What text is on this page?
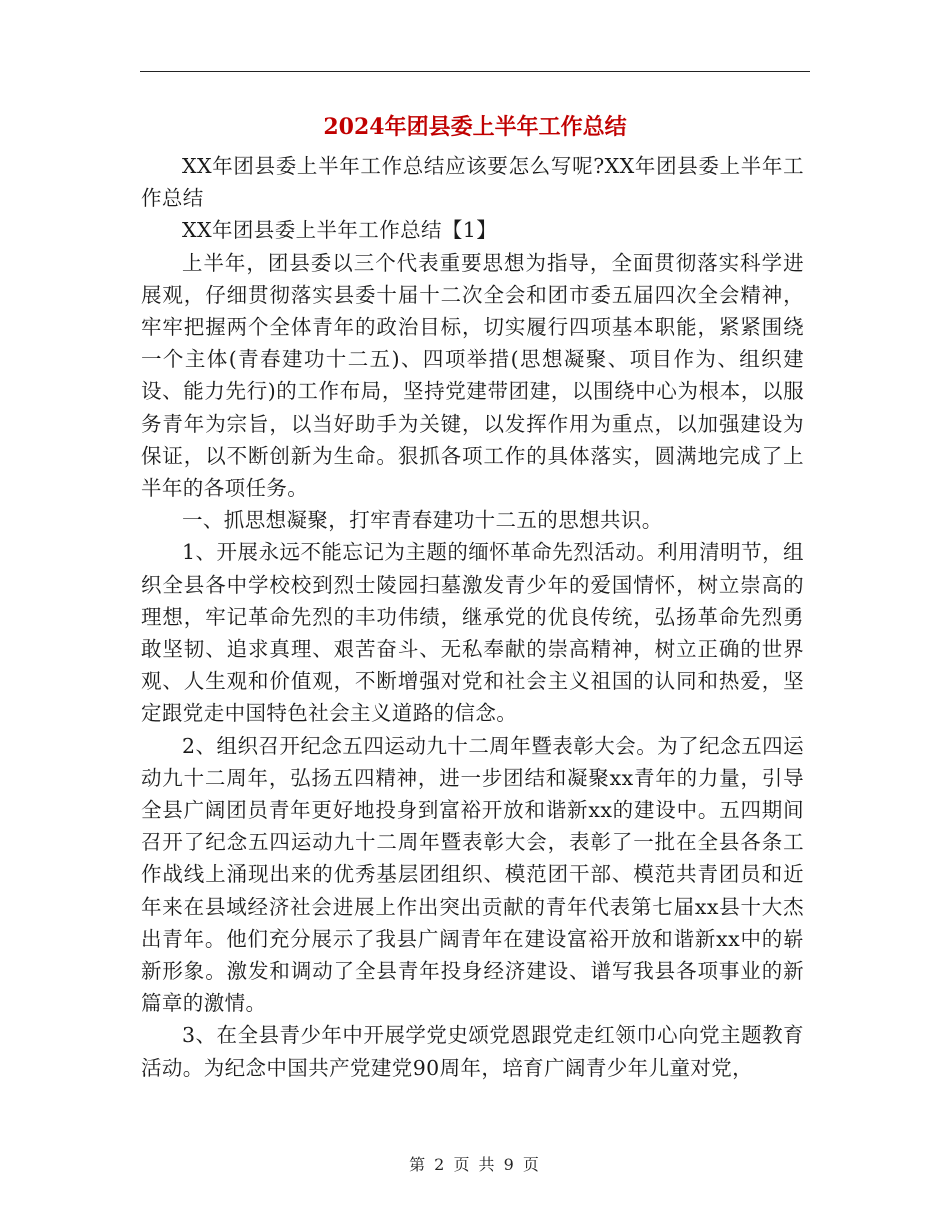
2024年团县委上半年工作总结

XX年团县委上半年工作总结应该要怎么写呢?XX年团县委上半年工作总结

XX年团县委上半年工作总结【1】

上半年，团县委以三个代表重要思想为指导，全面贯彻落实科学进展观，仔细贯彻落实县委十届十二次全会和团市委五届四次全会精神，牢牢把握两个全体青年的政治目标，切实履行四项基本职能，紧紧围绕一个主体(青春建功十二五)、四项举措(思想凝聚、项目作为、组织建设、能力先行)的工作布局，坚持党建带团建，以围绕中心为根本，以服务青年为宗旨，以当好助手为关键，以发挥作用为重点，以加强建设为保证，以不断创新为生命。狠抓各项工作的具体落实，圆满地完成了上半年的各项任务。

一、抓思想凝聚，打牢青春建功十二五的思想共识。

1、开展永远不能忘记为主题的缅怀革命先烈活动。利用清明节，组织全县各中学校校到烈士陵园扫墓激发青少年的爱国情怀，树立崇高的理想，牢记革命先烈的丰功伟绩，继承党的优良传统，弘扬革命先烈勇敢坚韧、追求真理、艰苦奋斗、无私奉献的崇高精神，树立正确的世界观、人生观和价值观，不断增强对党和社会主义祖国的认同和热爱，坚定跟党走中国特色社会主义道路的信念。

2、组织召开纪念五四运动九十二周年暨表彰大会。为了纪念五四运动九十二周年，弘扬五四精神，进一步团结和凝聚xx青年的力量，引导全县广阔团员青年更好地投身到富裕开放和谐新xx的建设中。五四期间召开了纪念五四运动九十二周年暨表彰大会，表彰了一批在全县各条工作战线上涌现出来的优秀基层团组织、模范团干部、模范共青团员和近年来在县域经济社会进展上作出突出贡献的青年代表第七届xx县十大杰出青年。他们充分展示了我县广阔青年在建设富裕开放和谐新xx中的崭新形象。激发和调动了全县青年投身经济建设、谱写我县各项事业的新篇章的激情。

3、在全县青少年中开展学党史颂党恩跟党走红领巾心向党主题教育活动。为纪念中国共产党建党90周年，培育广阔青少年儿童对党，

第 2 页 共 9 页
